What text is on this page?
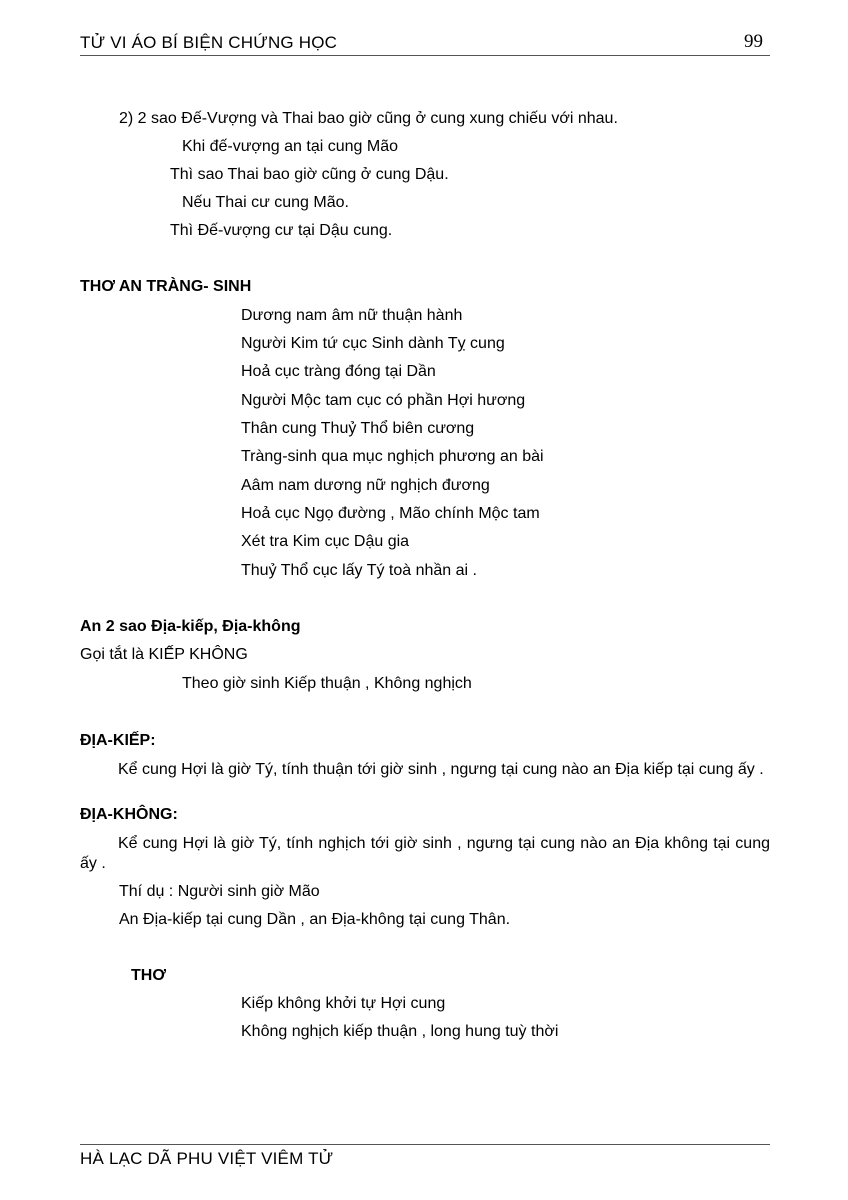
TỬ VI ÁO BÍ BIỆN CHỨNG HỌC	99
2) 2 sao Đế-Vượng và Thai bao giờ cũng ở cung xung chiếu với nhau.
Khi đế-vượng an tại cung Mão
Thì sao Thai bao giờ cũng ở cung Dậu.
Nếu Thai cư cung Mão.
Thì Đế-vượng cư tại Dậu cung.
THƠ AN TRÀNG- SINH
Dương nam âm nữ thuận hành
Người Kim tứ cục Sinh dành Tỵ cung
Hoả cục tràng đóng tại Dần
Người Mộc tam cục có phần Hợi hương
Thân cung Thuỷ Thổ biên cương
Tràng-sinh qua mục nghịch phương an bài
Aâm nam dương nữ nghịch đương
Hoả cục Ngọ đường , Mão chính Mộc tam
Xét tra Kim cục Dậu gia
Thuỷ Thổ cục lấy Tý toà nhần ai .
An 2 sao Địa-kiếp, Địa-không
Gọi tắt là KIẾP KHÔNG
Theo giờ sinh Kiếp thuận , Không nghịch
ĐỊA-KIẾP:
Kể cung Hợi là giờ Tý, tính thuận tới giờ sinh , ngưng tại cung nào an Địa kiếp tại cung ấy .
ĐỊA-KHÔNG:
Kể cung Hợi là giờ Tý, tính nghịch tới giờ sinh , ngưng tại cung nào an Địa không tại cung ấy .
Thí dụ : Người sinh giờ Mão
An Địa-kiếp tại cung Dần , an Địa-không tại cung Thân.
THƠ
Kiếp không khởi tự Hợi cung
Không nghịch kiếp thuận , long hung tuỳ thời
HÀ LẠC DÃ PHU VIỆT VIÊM TỬ
